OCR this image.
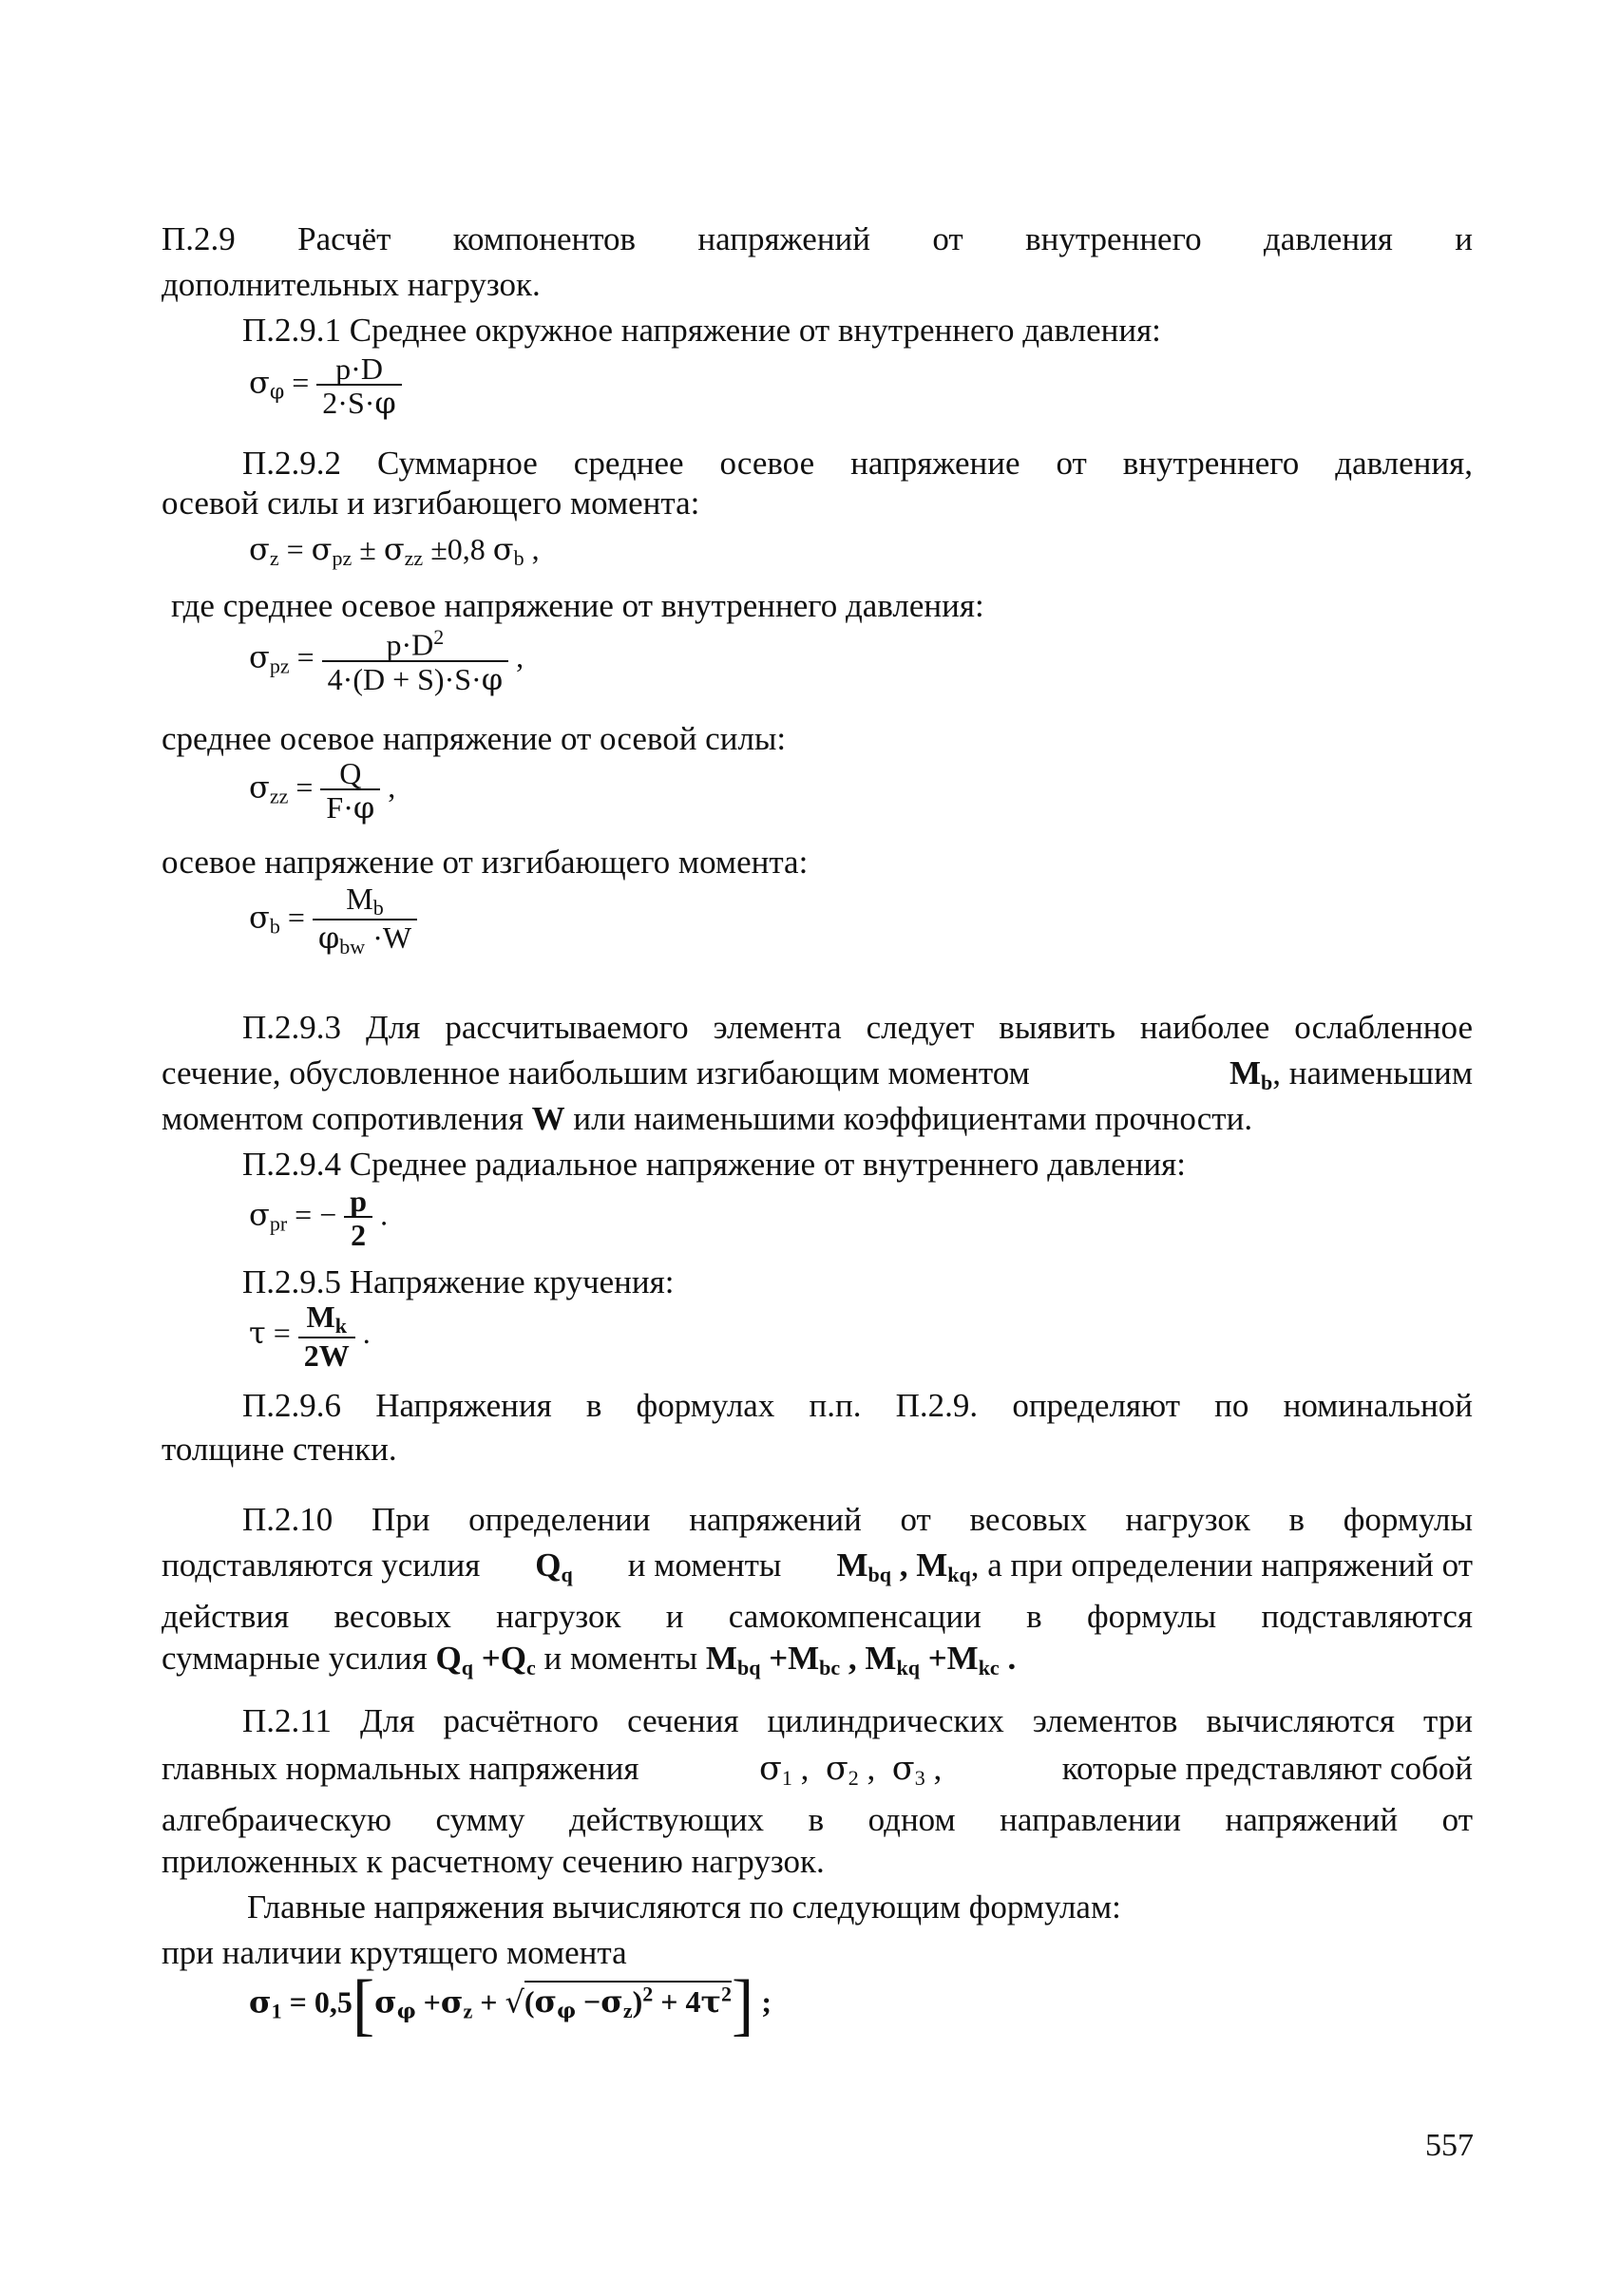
П.2.9 Расчёт компонентов напряжений от внутреннего давления и
дополнительных нагрузок.
П.2.9.1 Среднее окружное напряжение от внутреннего давления:
$\sigma_\varphi = \frac{p\cdot D}{2\cdot S\cdot\varphi}$
П.2.9.2 Суммарное среднее осевое напряжение от внутреннего давления,
осевой силы и изгибающего момента:
$\sigma_z = \sigma_{pz} \pm \sigma_{zz} \pm 0,8$ $\sigma_b$ ,
где среднее осевое напряжение от внутреннего давления:
$\sigma_{pz} = \frac{p\cdot D^2}{4\cdot(D + S)\cdot S\cdot\varphi}$ ,
среднее осевое напряжение от осевой силы:
$\sigma_{zz} = \frac{Q}{F\cdot\varphi}$ ,
осевое напряжение от изгибающего момента:
$\sigma_b = \frac{M_b}{\varphi_{bw} \cdot W}$
П.2.9.3 Для рассчитываемого элемента следует выявить наиболее ослабленное
сечение, обусловленное наибольшим изгибающим моментом	$M_b$, наименьшим
моментом сопротивления W или наименьшими коэффициентами прочности.
П.2.9.4 Среднее радиальное напряжение от внутреннего давления:
$\sigma_{pr}$ = − $\frac{p}{2}$ .
П.2.9.5 Напряжение кручения:
$\tau = \frac{M_k}{2W}$ .
П.2.9.6 Напряжения в формулах п.п. П.2.9. определяют по номинальной
толщине стенки.
П.2.10 При определении напряжений от весовых нагрузок в формулы
подставляются усилия $Q_q$ и моменты $M_{bq}$ , $M_{kq}$, а при определении напряжений от
действия весовых нагрузок и самокомпенсации в формулы подставляются
суммарные усилия $Q_q +Q_c$ и моменты $M_{bq} +M_{bc}$ , $M_{kq} +M_{kc}$ .
П.2.11 Для расчётного сечения цилиндрических элементов вычисляются три
главных нормальных напряжения	$\sigma_1$ ,  $\sigma_2$ ,  $\sigma_3$ ,	которые представляют собой
алгебраическую сумму действующих в одном направлении напряжений от
приложенных к расчетному сечению нагрузок.
Главные напряжения вычисляются по следующим формулам:
при наличии крутящего момента
$\sigma_1 = 0,5[\sigma_\varphi +\sigma_z + √(\sigma_\varphi -\sigma_z)^2 + 4\tau^2]$ ;
557
